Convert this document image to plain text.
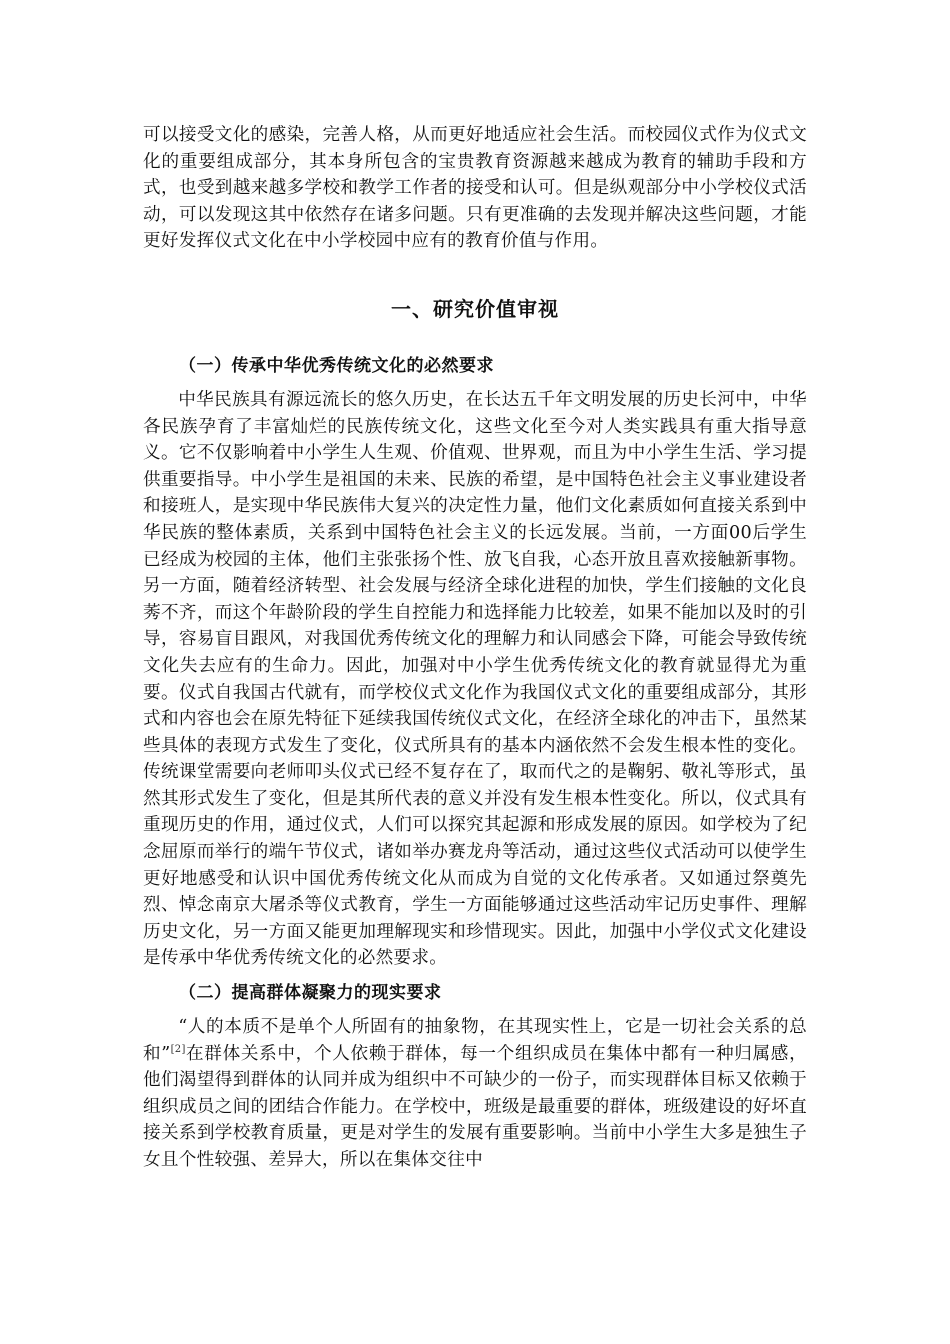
可以接受文化的感染，完善人格，从而更好地适应社会生活。而校园仪式作为仪式文化的重要组成部分，其本身所包含的宝贵教育资源越来越成为教育的辅助手段和方式，也受到越来越多学校和教学工作者的接受和认可。但是纵观部分中小学校仪式活动，可以发现这其中依然存在诸多问题。只有更准确的去发现并解决这些问题，才能更好发挥仪式文化在中小学校园中应有的教育价值与作用。

一、研究价值审视
（一）传承中华优秀传统文化的必然要求

中华民族具有源远流长的悠久历史，在长达五千年文明发展的历史长河中，中华各民族孕育了丰富灿烂的民族传统文化，这些文化至今对人类实践具有重大指导意义。它不仅影响着中小学生人生观、价值观、世界观，而且为中小学生生活、学习提供重要指导。中小学生是祖国的未来、民族的希望，是中国特色社会主义事业建设者和接班人，是实现中华民族伟大复兴的决定性力量，他们文化素质如何直接关系到中华民族的整体素质，关系到中国特色社会主义的长远发展。当前，一方面00后学生已经成为校园的主体，他们主张张扬个性、放飞自我，心态开放且喜欢接触新事物。另一方面，随着经济转型、社会发展与经济全球化进程的加快，学生们接触的文化良莠不齐，而这个年龄阶段的学生自控能力和选择能力比较差，如果不能加以及时的引导，容易盲目跟风，对我国优秀传统文化的理解力和认同感会下降，可能会导致传统文化失去应有的生命力。因此，加强对中小学生优秀传统文化的教育就显得尤为重要。仪式自我国古代就有，而学校仪式文化作为我国仪式文化的重要组成部分，其形式和内容也会在原先特征下延续我国传统仪式文化，在经济全球化的冲击下，虽然某些具体的表现方式发生了变化，仪式所具有的基本内涵依然不会发生根本性的变化。传统课堂需要向老师叩头仪式已经不复存在了，取而代之的是鞠躬、敬礼等形式，虽然其形式发生了变化，但是其所代表的意义并没有发生根本性变化。所以，仪式具有重现历史的作用，通过仪式，人们可以探究其起源和形成发展的原因。如学校为了纪念屈原而举行的端午节仪式，诸如举办赛龙舟等活动，通过这些仪式活动可以使学生更好地感受和认识中国优秀传统文化从而成为自觉的文化传承者。又如通过祭奠先烈、悼念南京大屠杀等仪式教育，学生一方面能够通过这些活动牢记历史事件、理解历史文化，另一方面又能更加理解现实和珍惜现实。因此，加强中小学仪式文化建设是传承中华优秀传统文化的必然要求。

（二）提高群体凝聚力的现实要求

“人的本质不是单个人所固有的抽象物，在其现实性上，它是一切社会关系的总和”[2]在群体关系中，个人依赖于群体，每一个组织成员在集体中都有一种归属感，他们渴望得到群体的认同并成为组织中不可缺少的一份子，而实现群体目标又依赖于组织成员之间的团结合作能力。在学校中，班级是最重要的群体，班级建设的好坏直接关系到学校教育质量，更是对学生的发展有重要影响。当前中小学生大多是独生子女且个性较强、差异大，所以在集体交往中
